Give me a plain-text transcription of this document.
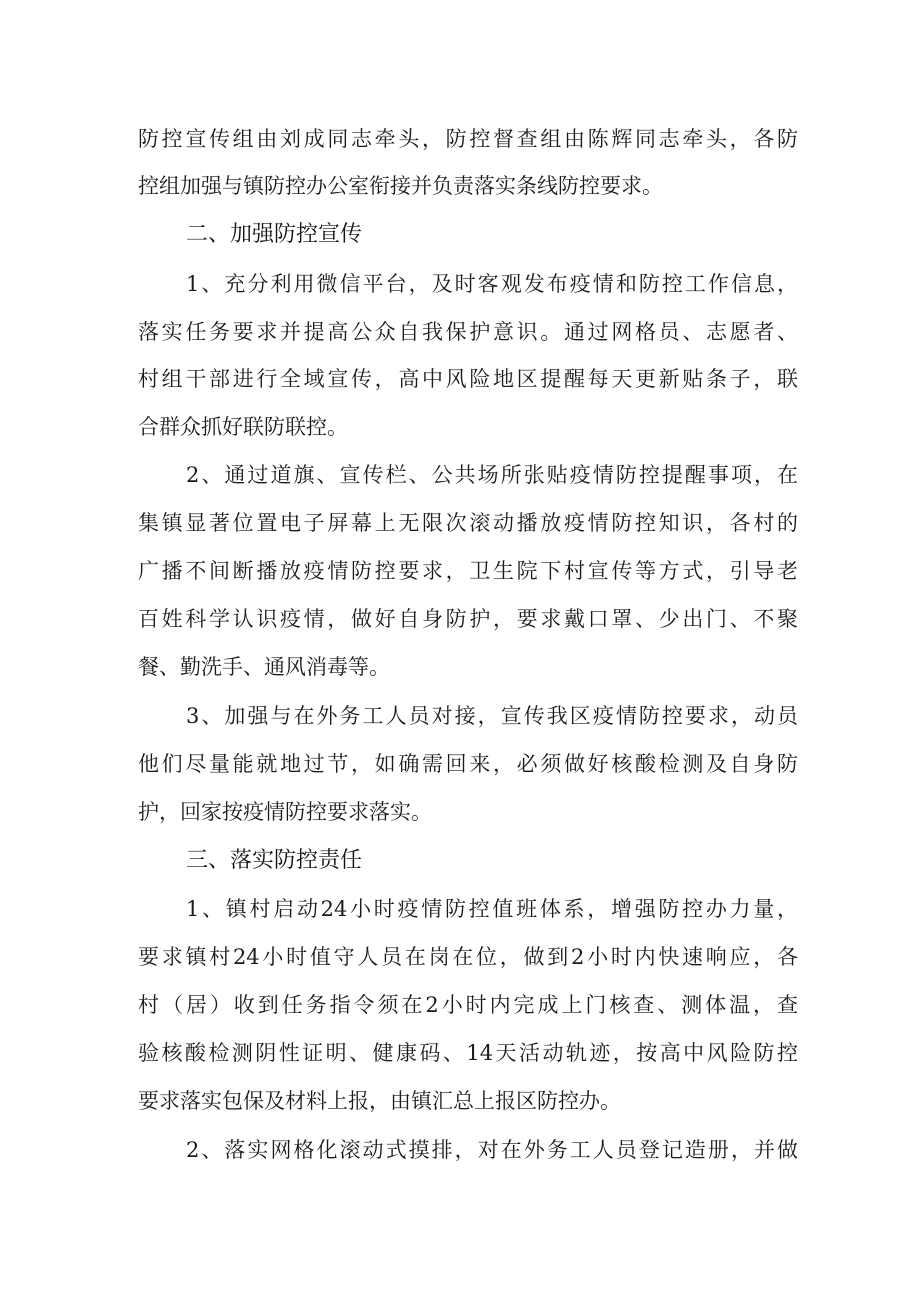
防控宣传组由刘成同志牵头，防控督查组由陈辉同志牵头，各防
控组加强与镇防控办公室衔接并负责落实条线防控要求。
二、加强防控宣传
1、充分利用微信平台，及时客观发布疫情和防控工作信息，
落实任务要求并提高公众自我保护意识。通过网格员、志愿者、
村组干部进行全域宣传，高中风险地区提醒每天更新贴条子，联
合群众抓好联防联控。
2、通过道旗、宣传栏、公共场所张贴疫情防控提醒事项，在
集镇显著位置电子屏幕上无限次滚动播放疫情防控知识，各村的
广播不间断播放疫情防控要求，卫生院下村宣传等方式，引导老
百姓科学认识疫情，做好自身防护，要求戴口罩、少出门、不聚
餐、勤洗手、通风消毒等。
3、加强与在外务工人员对接，宣传我区疫情防控要求，动员
他们尽量能就地过节，如确需回来，必须做好核酸检测及自身防
护，回家按疫情防控要求落实。
三、落实防控责任
1、镇村启动24小时疫情防控值班体系，增强防控办力量，
要求镇村24小时值守人员在岗在位，做到2小时内快速响应，各
村（居）收到任务指令须在2小时内完成上门核查、测体温，查
验核酸检测阴性证明、健康码、14天活动轨迹，按高中风险防控
要求落实包保及材料上报，由镇汇总上报区防控办。
2、落实网格化滚动式摸排，对在外务工人员登记造册，并做
